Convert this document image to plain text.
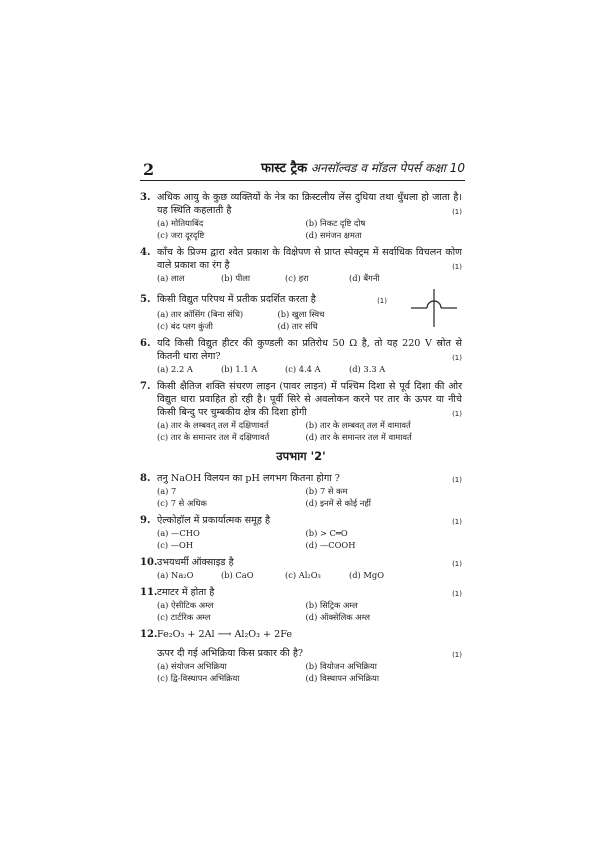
2	फास्ट ट्रैक अनसॉल्वड व मॉडल पेपर्स कक्षा 10
3. अधिक आयु के कुछ व्यक्तियों के नेत्र का क्रिस्टलीय लेंस दुधिया तथा धुँधला हो जाता है। यह स्थिति कहलाती है	(1)
(a) मोतियाबिंद	(b) निकट दृष्टि दोष
(c) जरा दूरदृष्टि	(d) समंजन क्षमता
4. काँच के प्रिज्म द्वारा श्वेत प्रकाश के विक्षेपण से प्राप्त स्पेक्ट्रम में सर्वाधिक विचलन कोण वाले प्रकाश का रंग है	(1)
(a) लाल	(b) पीला	(c) हरा	(d) बैंगनी
5. किसी विद्युत परिपथ में प्रतीक प्रदर्शित करता है	(1)
(a) तार क्रॉसिंग (बिना संधि)	(b) खुला स्विच
(c) बंद प्लग कुंजी	(d) तार संधि
6. यदि किसी विद्युत हीटर की कुण्डली का प्रतिरोध 50 Ω है, तो यह 220 V स्रोत से कितनी धारा लेगा?	(1)
(a) 2.2 A	(b) 1.1 A	(c) 4.4 A	(d) 3.3 A
7. किसी क्षैतिज शक्ति संचरण लाइन (पावर लाइन) में पश्चिम दिशा से पूर्व दिशा की ओर विद्युत धारा प्रवाहित हो रही है। पूर्वी सिरे से अवलोकन करने पर तार के ऊपर या नीचे किसी बिन्दु पर चुम्बकीय क्षेत्र की दिशा होगी	(1)
(a) तार के लम्बवत् तल में दक्षिणावर्त	(b) तार के लम्बवत् तल में वामावर्त
(c) तार के समान्तर तल में दक्षिणावर्त	(d) तार के समान्तर तल में वामावर्त
उपभाग '2'
8. तनु NaOH विलयन का pH लगभग कितना होगा ?	(1)
(a) 7	(b) 7 से कम
(c) 7 से अधिक	(d) इनमें से कोई नहीं
9. ऐल्कोहॉल में प्रकार्यात्मक समूह है	(1)
(a) —CHO	(b) > C═O
(c) —OH	(d) —COOH
10. उभयधर्मी ऑक्साइड है	(1)
(a) Na₂O	(b) CaO	(c) Al₂O₃	(d) MgO
11. टमाटर में होता है	(1)
(a) ऐसीटिक अम्ल	(b) सिट्रिक अम्ल
(c) टार्टरिक अम्ल	(d) ऑक्सेलिक अम्ल
12. Fe₂O₃ + 2Al ⟶ Al₂O₃ + 2Fe
ऊपर दी गई अभिक्रिया किस प्रकार की है?	(1)
(a) संयोजन अभिक्रिया	(b) वियोजन अभिक्रिया
(c) द्वि-विस्थापन अभिक्रिया	(d) विस्थापन अभिक्रिया
